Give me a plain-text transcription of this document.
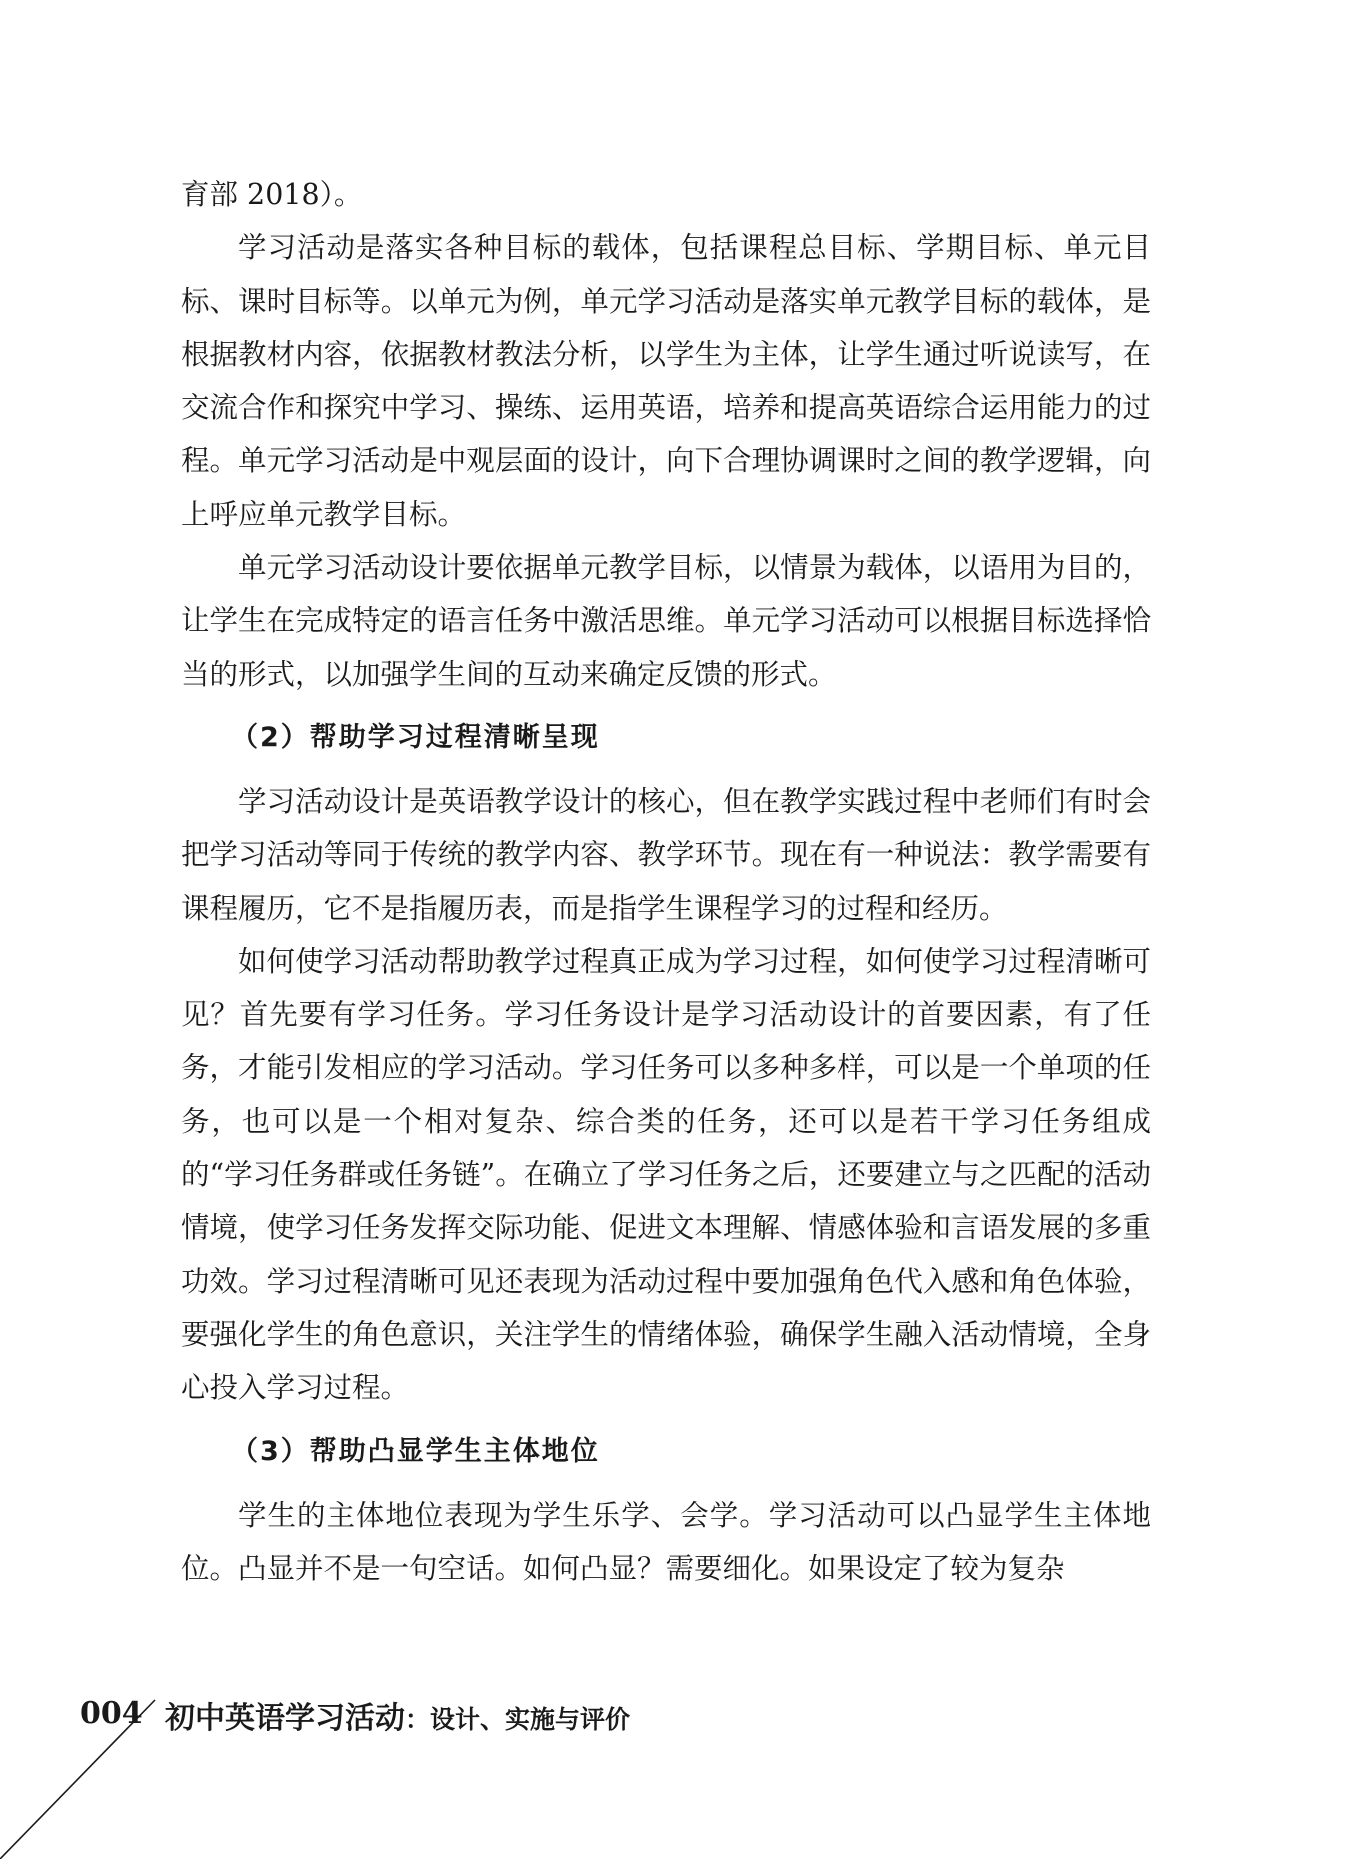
育部 2018）。

学习活动是落实各种目标的载体，包括课程总目标、学期目标、单元目标、课时目标等。以单元为例，单元学习活动是落实单元教学目标的载体，是根据教材内容，依据教材教法分析，以学生为主体，让学生通过听说读写，在交流合作和探究中学习、操练、运用英语，培养和提高英语综合运用能力的过程。单元学习活动是中观层面的设计，向下合理协调课时之间的教学逻辑，向上呼应单元教学目标。

单元学习活动设计要依据单元教学目标，以情景为载体，以语用为目的，让学生在完成特定的语言任务中激活思维。单元学习活动可以根据目标选择恰当的形式，以加强学生间的互动来确定反馈的形式。

（2）帮助学习过程清晰呈现

学习活动设计是英语教学设计的核心，但在教学实践过程中老师们有时会把学习活动等同于传统的教学内容、教学环节。现在有一种说法：教学需要有课程履历，它不是指履历表，而是指学生课程学习的过程和经历。

如何使学习活动帮助教学过程真正成为学习过程，如何使学习过程清晰可见？首先要有学习任务。学习任务设计是学习活动设计的首要因素，有了任务，才能引发相应的学习活动。学习任务可以多种多样，可以是一个单项的任务，也可以是一个相对复杂、综合类的任务，还可以是若干学习任务组成的“学习任务群或任务链”。在确立了学习任务之后，还要建立与之匹配的活动情境，使学习任务发挥交际功能、促进文本理解、情感体验和言语发展的多重功效。学习过程清晰可见还表现为活动过程中要加强角色代入感和角色体验，要强化学生的角色意识，关注学生的情绪体验，确保学生融入活动情境，全身心投入学习过程。

（3）帮助凸显学生主体地位

学生的主体地位表现为学生乐学、会学。学习活动可以凸显学生主体地位。凸显并不是一句空话。如何凸显？需要细化。如果设定了较为复杂

004 初中英语学习活动：设计、实施与评价
